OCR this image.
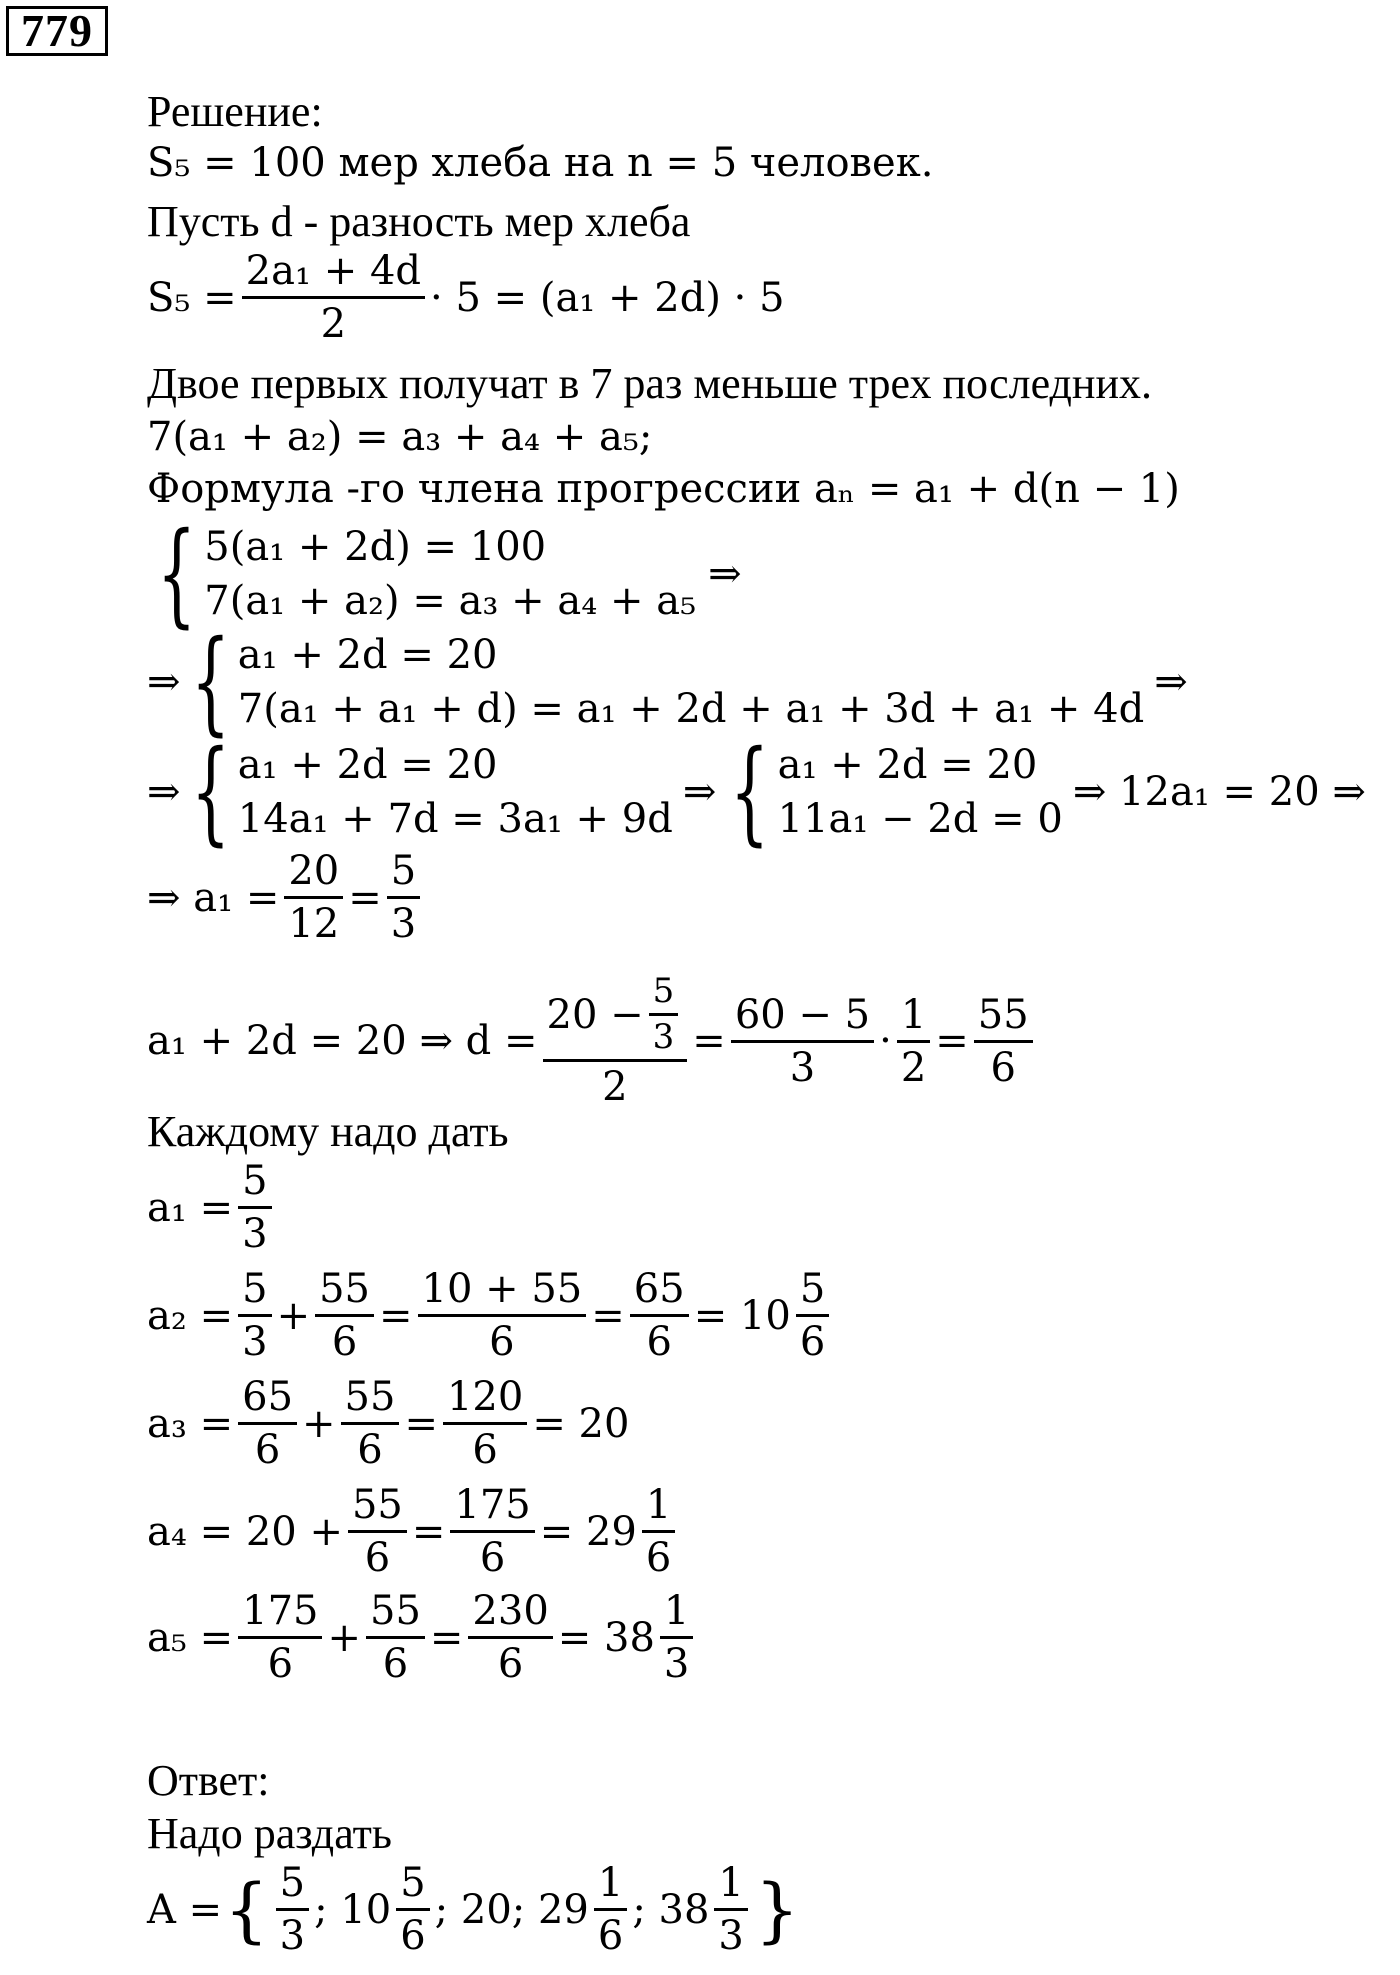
779
Решение:
S₅ = 100 мер хлеба на n = 5 человек.
Пусть d - разность мер хлеба
$S_5 = \frac{\text{2a₁ + 4d}}{2} \cdot 5 = (a_1 + 2d) \cdot 5$
Двое первых получат в 7 раз меньше трех последних.
7(a₁ + a₂) = a₃ + a₄ + a₅;
Формула -го члена прогрессии aₙ = a₁ + d(n − 1)
{ 5(a₁ + 2d) = 100
7(a₁ + a₂) = a₃ + a₄ + a₅
⇒
⇒ { a₁ + 2d = 20
7(a₁ + a₁ + d) = a₁ + 2d + a₁ + 3d + a₁ + 4d
⇒
⇒ { a₁ + 2d = 20
14a₁ + 7d = 3a₁ + 9d
⇒ { a₁ + 2d = 20
11a₁ − 2d = 0
⇒ 12a₁ = 20 ⇒
⇒ $a_1 = \frac{20}{12} = \frac{5}{3}$
a₁ + 2d = 20 ⇒ $d = \frac{20 - \frac{5}{3}}{2} = \frac{60 - 5}{3} \cdot \frac{1}{2} = \frac{55}{6}$
Каждому надо дать
$a_1 = \frac{5}{3}$
$a_2 = \frac{5}{3} + \frac{55}{6} = \frac{10 + 55}{6} = \frac{65}{6} = 10 \frac{5}{6}$
$a_3 = \frac{65}{6} + \frac{55}{6} = \frac{120}{6} = 20$
$a_4 = 20 + \frac{55}{6} = \frac{175}{6} = 29 \frac{1}{6}$
$a_5 = \frac{175}{6} + \frac{55}{6} = \frac{230}{6} = 38 \frac{1}{3}$
Ответ:
Надо раздать
A = { $\frac{5}{3}$ ; $10 \frac{5}{6}$ ; 20; $29 \frac{1}{6}$ ; $38 \frac{1}{3}$ }
